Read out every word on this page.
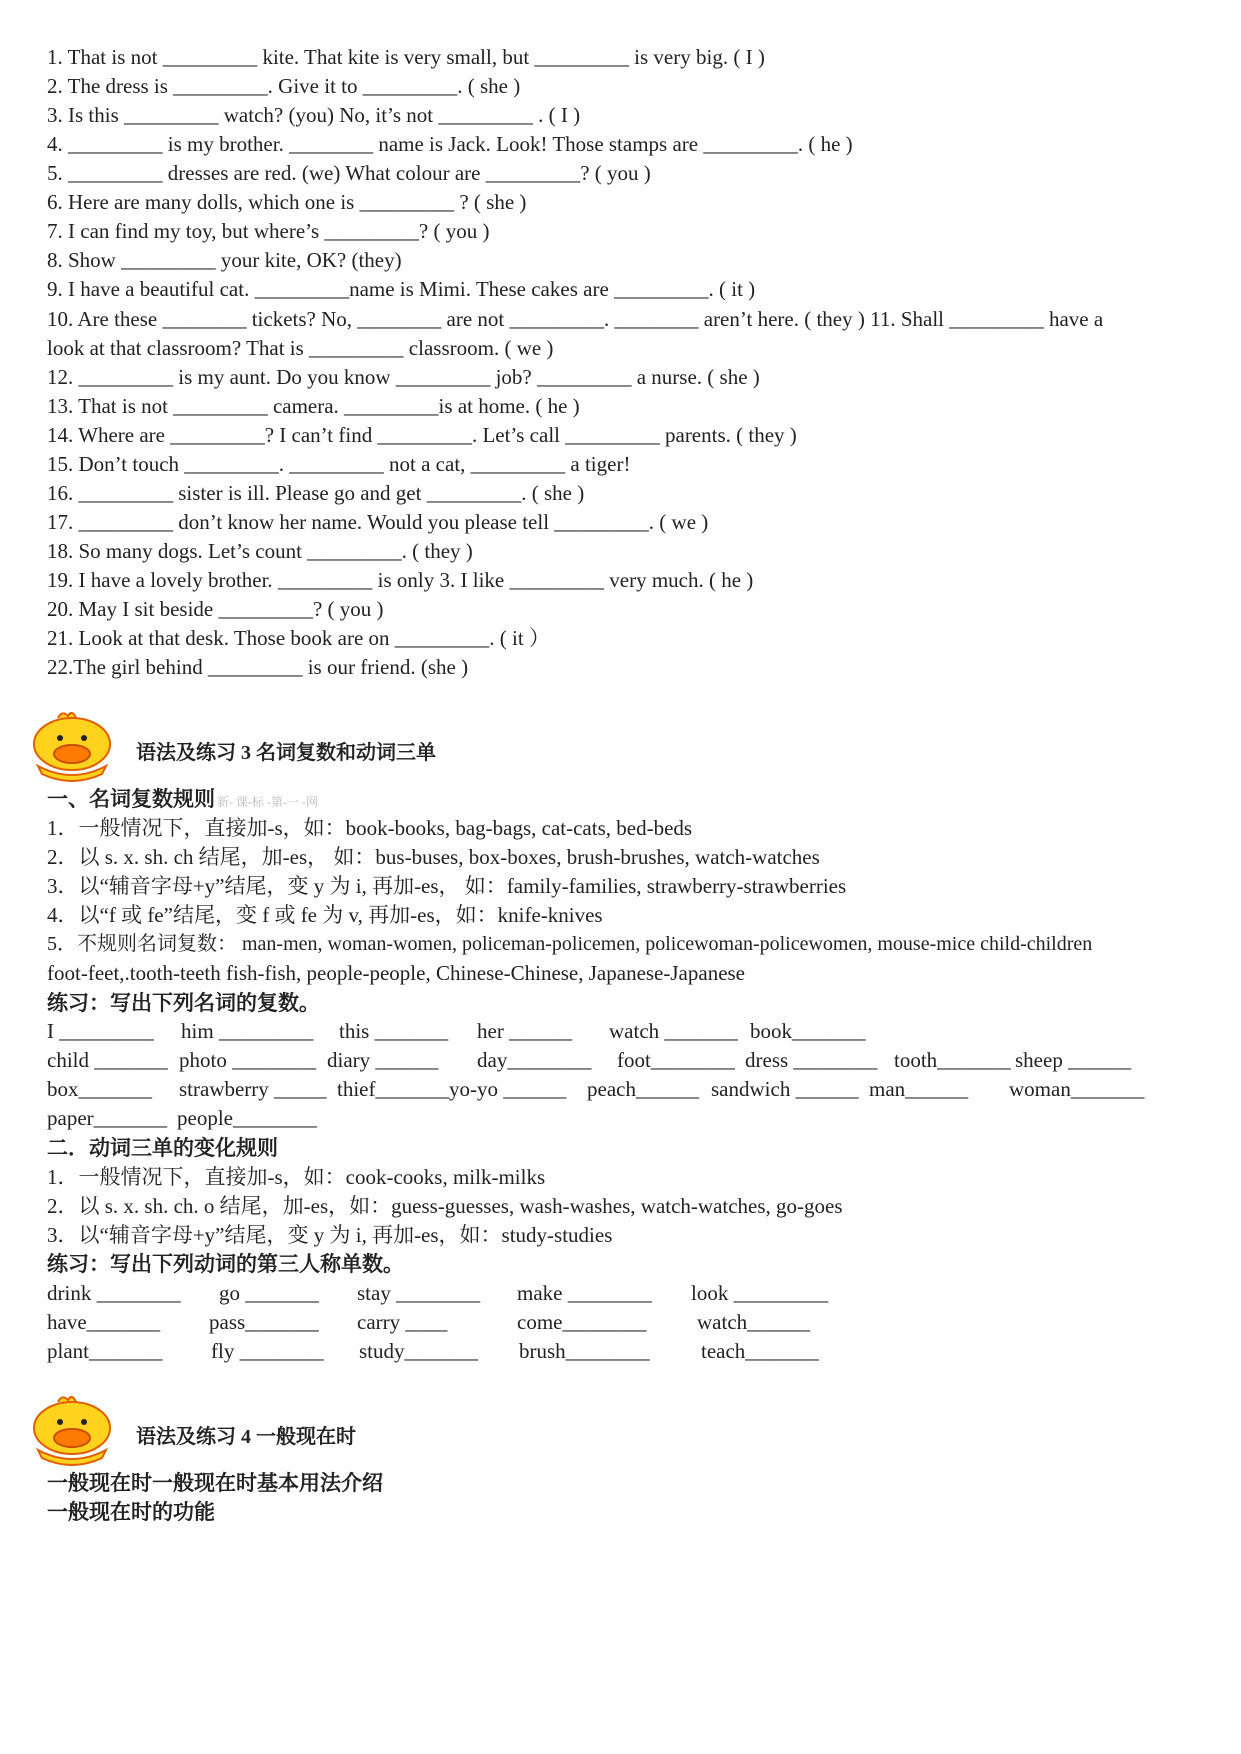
1. That is not _________ kite. That kite is very small, but _________ is very big. ( I )
2. The dress is _________. Give it to _________. ( she )
3. Is this _________ watch? (you) No, it’s not _________ . ( I )
4. _________ is my brother. ________ name is Jack. Look! Those stamps are _________. ( he )
5. _________ dresses are red. (we) What colour are _________? ( you )
6. Here are many dolls, which one is _________ ? ( she )
7. I can find my toy, but where’s _________? ( you )
8. Show _________ your kite, OK? (they)
9. I have a beautiful cat. _________name is Mimi. These cakes are _________. ( it )
10. Are these ________ tickets? No, ________ are not _________. ________ aren’t here. ( they ) 11. Shall _________ have a
look at that classroom? That is _________ classroom. ( we )
12. _________ is my aunt. Do you know _________ job? _________ a nurse. ( she )
13. That is not _________ camera. _________is at home. ( he )
14. Where are _________? I can’t find _________. Let’s call _________ parents. ( they )
15. Don’t touch _________. _________ not a cat, _________ a tiger!
16. _________ sister is ill. Please go and get _________. ( she )
17. _________ don’t know her name. Would you please tell _________. ( we )
18. So many dogs. Let’s count _________. ( they )
19. I have a lovely brother. _________ is only 3. I like _________ very much. ( he )
20. May I sit beside _________? ( you )
21. Look at that desk. Those book are on _________. ( it ）
22.The girl behind _________ is our friend. (she )
语法及练习 3 名词复数和动词三单
一、名词复数规则 新- 课-标 -第-一 -网
1．一般情况下，直接加-s，如：book-books, bag-bags, cat-cats, bed-beds
2．以 s. x. sh. ch 结尾，加-es， 如：bus-buses, box-boxes, brush-brushes, watch-watches
3．以“辅音字母+y”结尾，变 y 为 i, 再加-es， 如：family-families, strawberry-strawberries
4．以“f 或 fe”结尾，变 f 或 fe 为 v, 再加-es，如：knife-knives
5．不规则名词复数： man-men, woman-women, policeman-policemen, policewoman-policewomen, mouse-mice child-children
foot-feet,.tooth-teeth fish-fish, people-people, Chinese-Chinese, Japanese-Japanese
练习：写出下列名词的复数。
I _________ him _________ this _______ her ______ watch _______ book_______
child _______ photo ________ diary ______ day________ foot________ dress ________ tooth_______ sheep ______
box_______ strawberry _____ thief_______yo-yo ______ peach______ sandwich ______ man______ woman_______
paper_______ people________
二．动词三单的变化规则
1．一般情况下，直接加-s，如：cook-cooks, milk-milks
2．以 s. x. sh. ch. o 结尾，加-es，如：guess-guesses, wash-washes, watch-watches, go-goes
3．以“辅音字母+y”结尾，变 y 为 i, 再加-es，如：study-studies
练习：写出下列动词的第三人称单数。
drink ________ go _______ stay ________ make ________ look _________
have_______ pass_______ carry ____	come________ watch______
plant_______ fly ________ study_______ brush________ teach_______
语法及练习 4 一般现在时
一般现在时一般现在时基本用法介绍
一般现在时的功能
